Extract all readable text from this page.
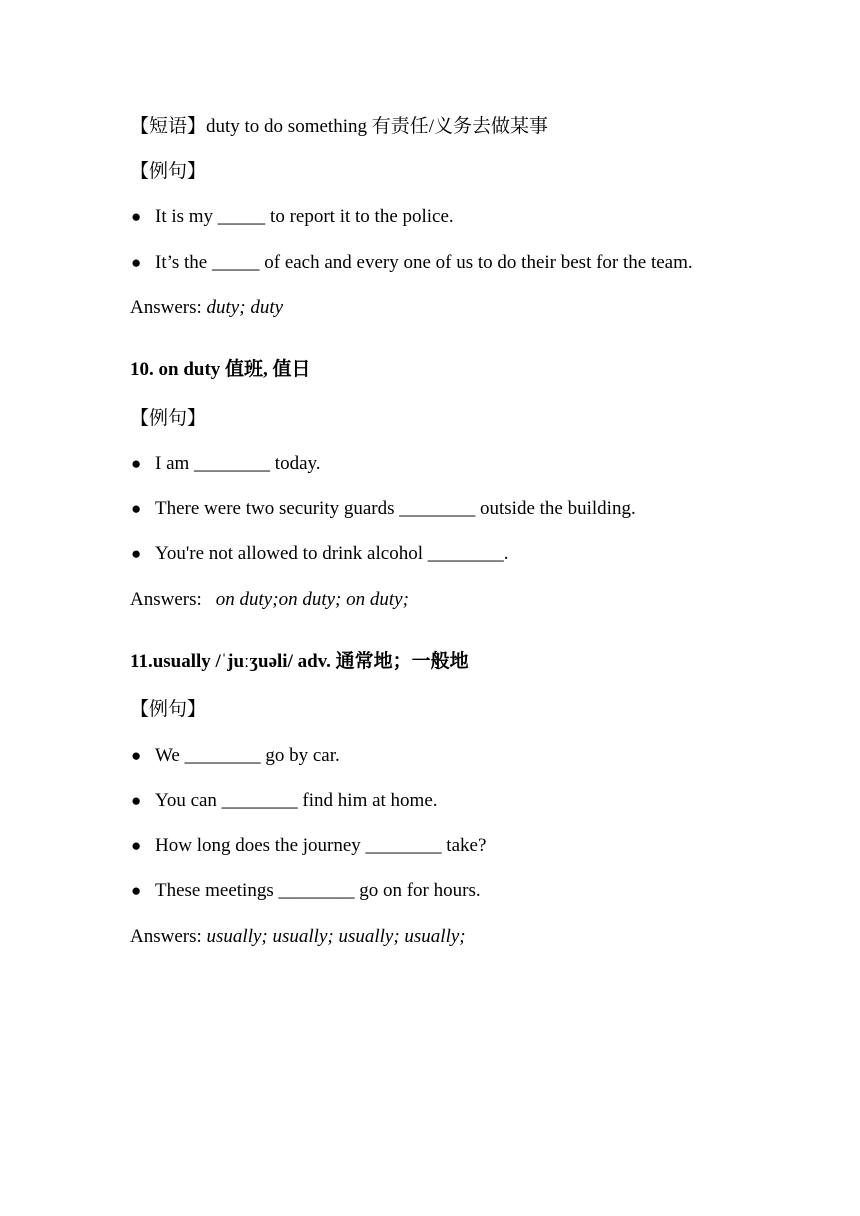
【短语】duty to do something 有责任/义务去做某事
【例句】
● It is my _____ to report it to the police.
● It’s the _____ of each and every one of us to do their best for the team.
Answers: duty; duty
10. on duty 值班, 值日
【例句】
● I am ________ today.
● There were two security guards ________ outside the building.
● You're not allowed to drink alcohol ________.
Answers: on duty;on duty; on duty;
11.usually /ˈjuːʒuəli/ adv. 通常地；一般地
【例句】
● We ________ go by car.
● You can ________ find him at home.
● How long does the journey ________ take?
● These meetings ________ go on for hours.
Answers: usually; usually; usually; usually;
